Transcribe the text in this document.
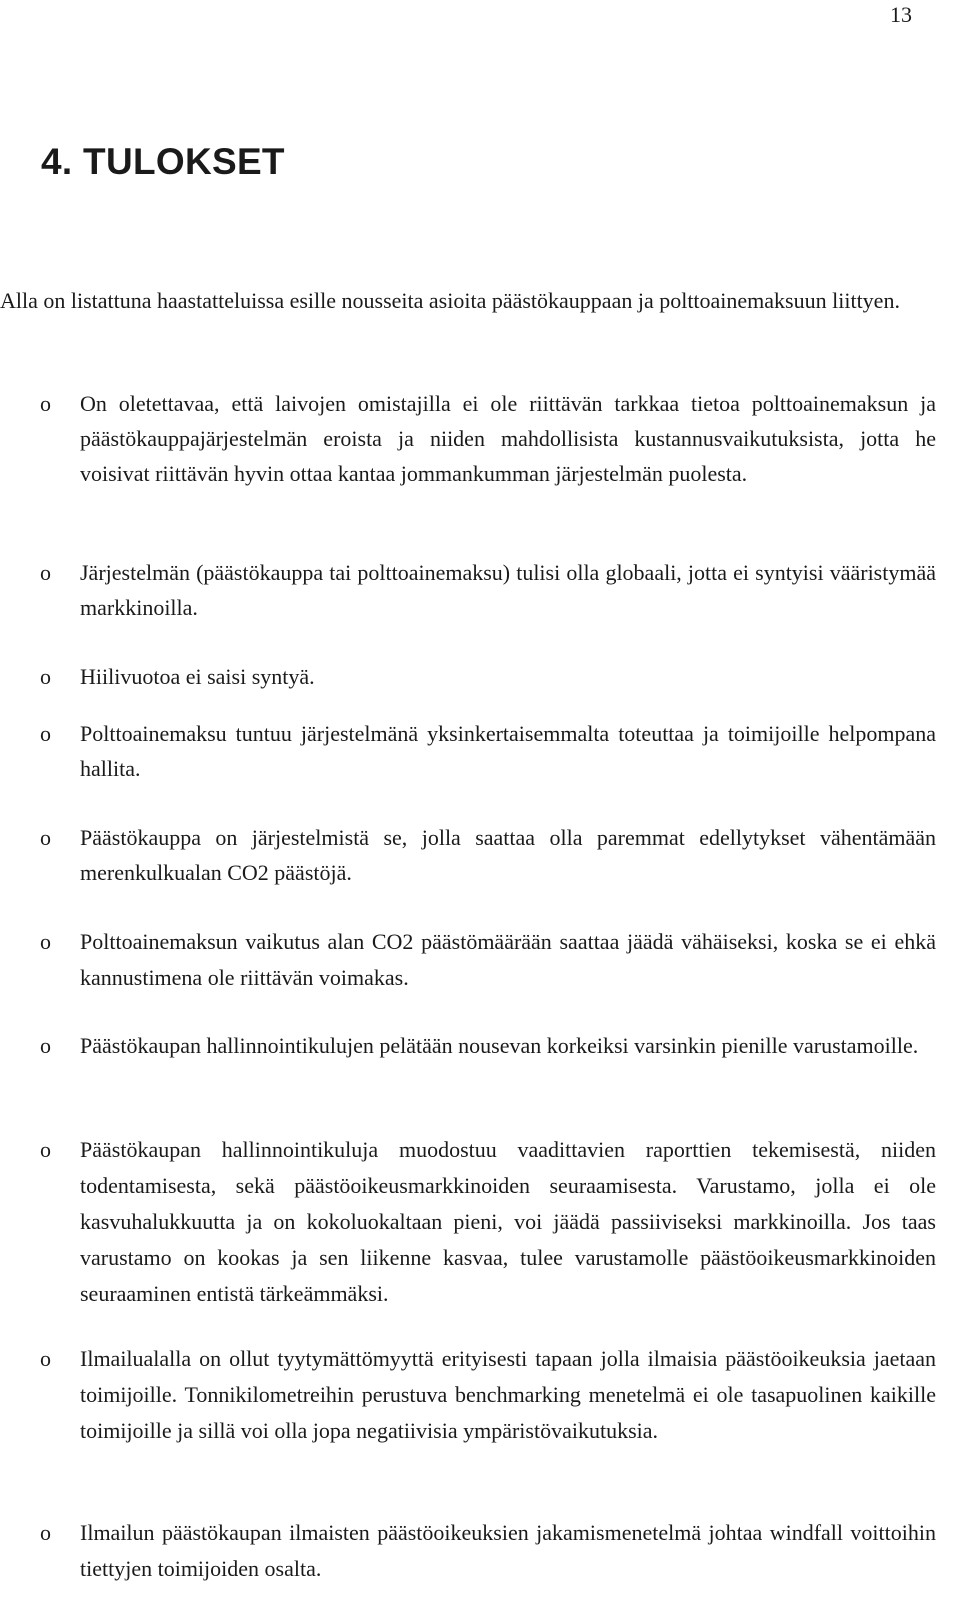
13
4. TULOKSET

Alla on listattuna haastatteluissa esille nousseita asioita päästökauppaan ja polttoainemaksuun liittyen.

o On oletettavaa, että laivojen omistajilla ei ole riittävän tarkkaa tietoa polttoainemaksun ja päästökauppajärjestelmän eroista ja niiden mahdollisista kustannusvaikutuksista, jotta he voisivat riittävän hyvin ottaa kantaa jommankumman järjestelmän puolesta.
o Järjestelmän (päästökauppa tai polttoainemaksu) tulisi olla globaali, jotta ei syntyisi vääristymää markkinoilla.
o Hiilivuotoa ei saisi syntyä.
o Polttoainemaksu tuntuu järjestelmänä yksinkertaisemmalta toteuttaa ja toimijoille helpompana hallita.
o Päästökauppa on järjestelmistä se, jolla saattaa olla paremmat edellytykset vähentämään merenkulkualan CO2 päästöjä.
o Polttoainemaksun vaikutus alan CO2 päästömäärään saattaa jäädä vähäiseksi, koska se ei ehkä kannustimena ole riittävän voimakas.
o Päästökaupan hallinnointikulujen pelätään nousevan korkeiksi varsinkin pienille varustamoille.
o Päästökaupan hallinnointikuluja muodostuu vaadittavien raporttien tekemisestä, niiden todentamisesta, sekä päästöoikeusmarkkinoiden seuraamisesta. Varustamo, jolla ei ole kasvuhalukkuutta ja on kokoluokaltaan pieni, voi jäädä passiiviseksi markkinoilla. Jos taas varustamo on kookas ja sen liikenne kasvaa, tulee varustamolle päästöoikeusmarkkinoiden seuraaminen entistä tärkeämmäksi.
o Ilmailualalla on ollut tyytymättömyyttä erityisesti tapaan jolla ilmaisia päästöoikeuksia jaetaan toimijoille. Tonnikilometreihin perustuva benchmarking menetelmä ei ole tasapuolinen kaikille toimijoille ja sillä voi olla jopa negatiivisia ympäristövaikutuksia.
o Ilmailun päästökaupan ilmaisten päästöoikeuksien jakamismenetelmä johtaa windfall voittoihin tiettyjen toimijoiden osalta.
